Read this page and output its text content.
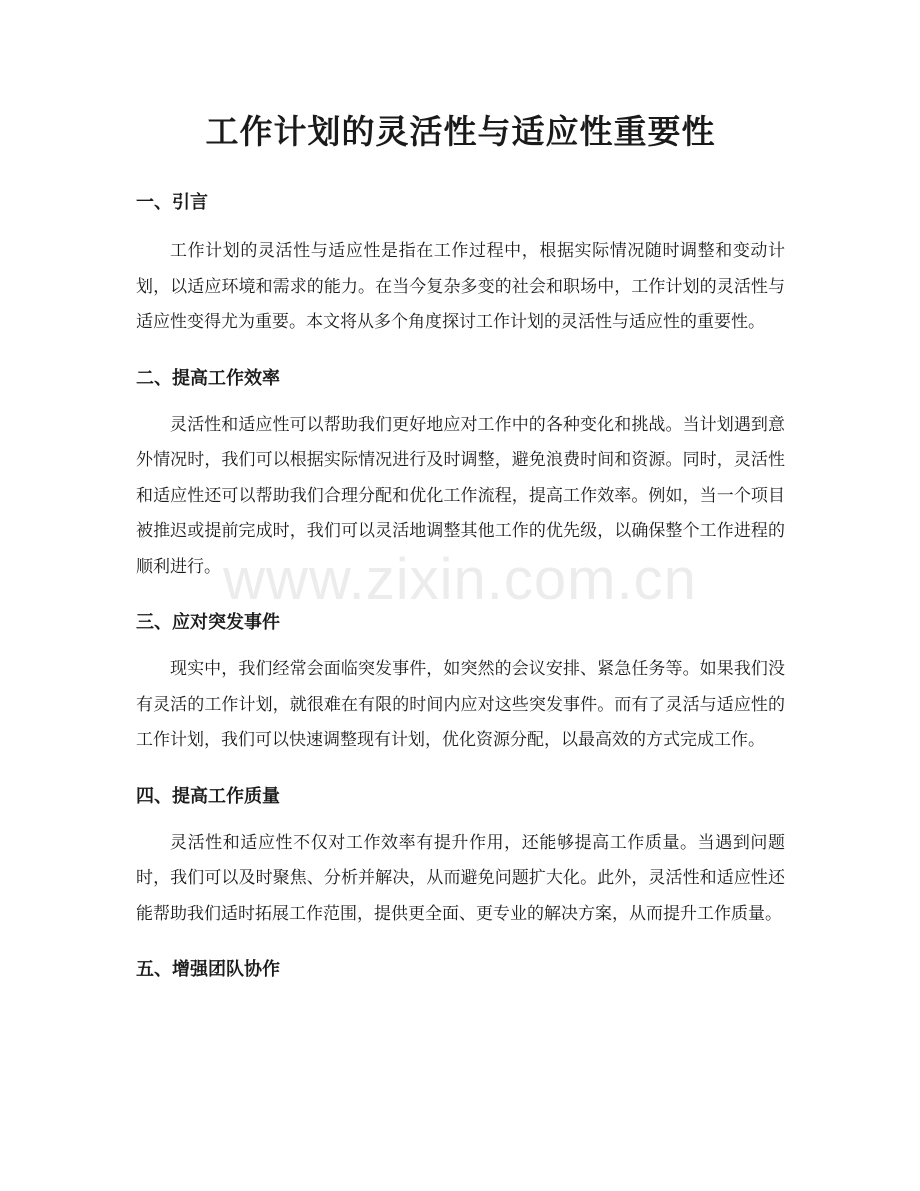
工作计划的灵活性与适应性重要性
一、引言

工作计划的灵活性与适应性是指在工作过程中，根据实际情况随时调整和变动计划，以适应环境和需求的能力。在当今复杂多变的社会和职场中，工作计划的灵活性与适应性变得尤为重要。本文将从多个角度探讨工作计划的灵活性与适应性的重要性。

二、提高工作效率

灵活性和适应性可以帮助我们更好地应对工作中的各种变化和挑战。当计划遇到意外情况时，我们可以根据实际情况进行及时调整，避免浪费时间和资源。同时，灵活性和适应性还可以帮助我们合理分配和优化工作流程，提高工作效率。例如，当一个项目被推迟或提前完成时，我们可以灵活地调整其他工作的优先级，以确保整个工作进程的顺利进行。

三、应对突发事件

现实中，我们经常会面临突发事件，如突然的会议安排、紧急任务等。如果我们没有灵活的工作计划，就很难在有限的时间内应对这些突发事件。而有了灵活与适应性的工作计划，我们可以快速调整现有计划，优化资源分配，以最高效的方式完成工作。

四、提高工作质量

灵活性和适应性不仅对工作效率有提升作用，还能够提高工作质量。当遇到问题时，我们可以及时聚焦、分析并解决，从而避免问题扩大化。此外，灵活性和适应性还能帮助我们适时拓展工作范围，提供更全面、更专业的解决方案，从而提升工作质量。

五、增强团队协作
www.zixin.com.cn
